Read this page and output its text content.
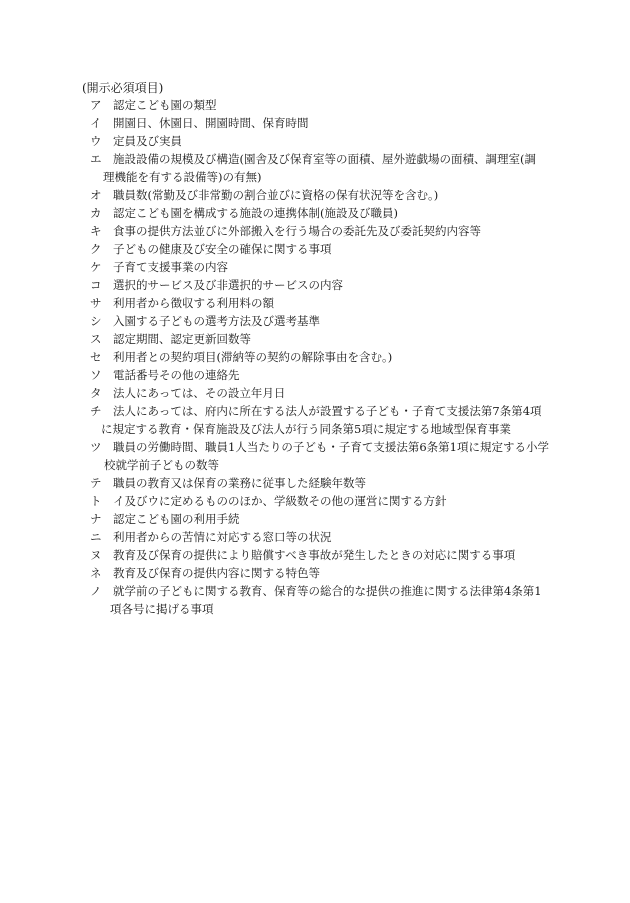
(開示必須項目)
ア 認定こども園の類型
イ 開園日、休園日、開園時間、保育時間
ウ 定員及び実員
エ 施設設備の規模及び構造(園舎及び保育室等の面積、屋外遊戯場の面積、調理室(調
理機能を有する設備等)の有無)
オ 職員数(常勤及び非常勤の割合並びに資格の保有状況等を含む。)
カ 認定こども園を構成する施設の連携体制(施設及び職員)
キ 食事の提供方法並びに外部搬入を行う場合の委託先及び委託契約内容等
ク 子どもの健康及び安全の確保に関する事項
ケ 子育て支援事業の内容
コ 選択的サービス及び非選択的サービスの内容
サ 利用者から徴収する利用料の額
シ 入園する子どもの選考方法及び選考基準
ス 認定期間、認定更新回数等
セ 利用者との契約項目(滞納等の契約の解除事由を含む。)
ソ 電話番号その他の連絡先
タ 法人にあっては、その設立年月日
チ 法人にあっては、府内に所在する法人が設置する子ども・子育て支援法第7条第4項
に規定する教育・保育施設及び法人が行う同条第5項に規定する地域型保育事業
ツ 職員の労働時間、職員1人当たりの子ども・子育て支援法第6条第1項に規定する小学
校就学前子どもの数等
テ 職員の教育又は保育の業務に従事した経験年数等
ト イ及びウに定めるもののほか、学級数その他の運営に関する方針
ナ 認定こども園の利用手続
ニ 利用者からの苦情に対応する窓口等の状況
ヌ 教育及び保育の提供により賠償すべき事故が発生したときの対応に関する事項
ネ 教育及び保育の提供内容に関する特色等
ノ 就学前の子どもに関する教育、保育等の総合的な提供の推進に関する法律第4条第1
項各号に掲げる事項
